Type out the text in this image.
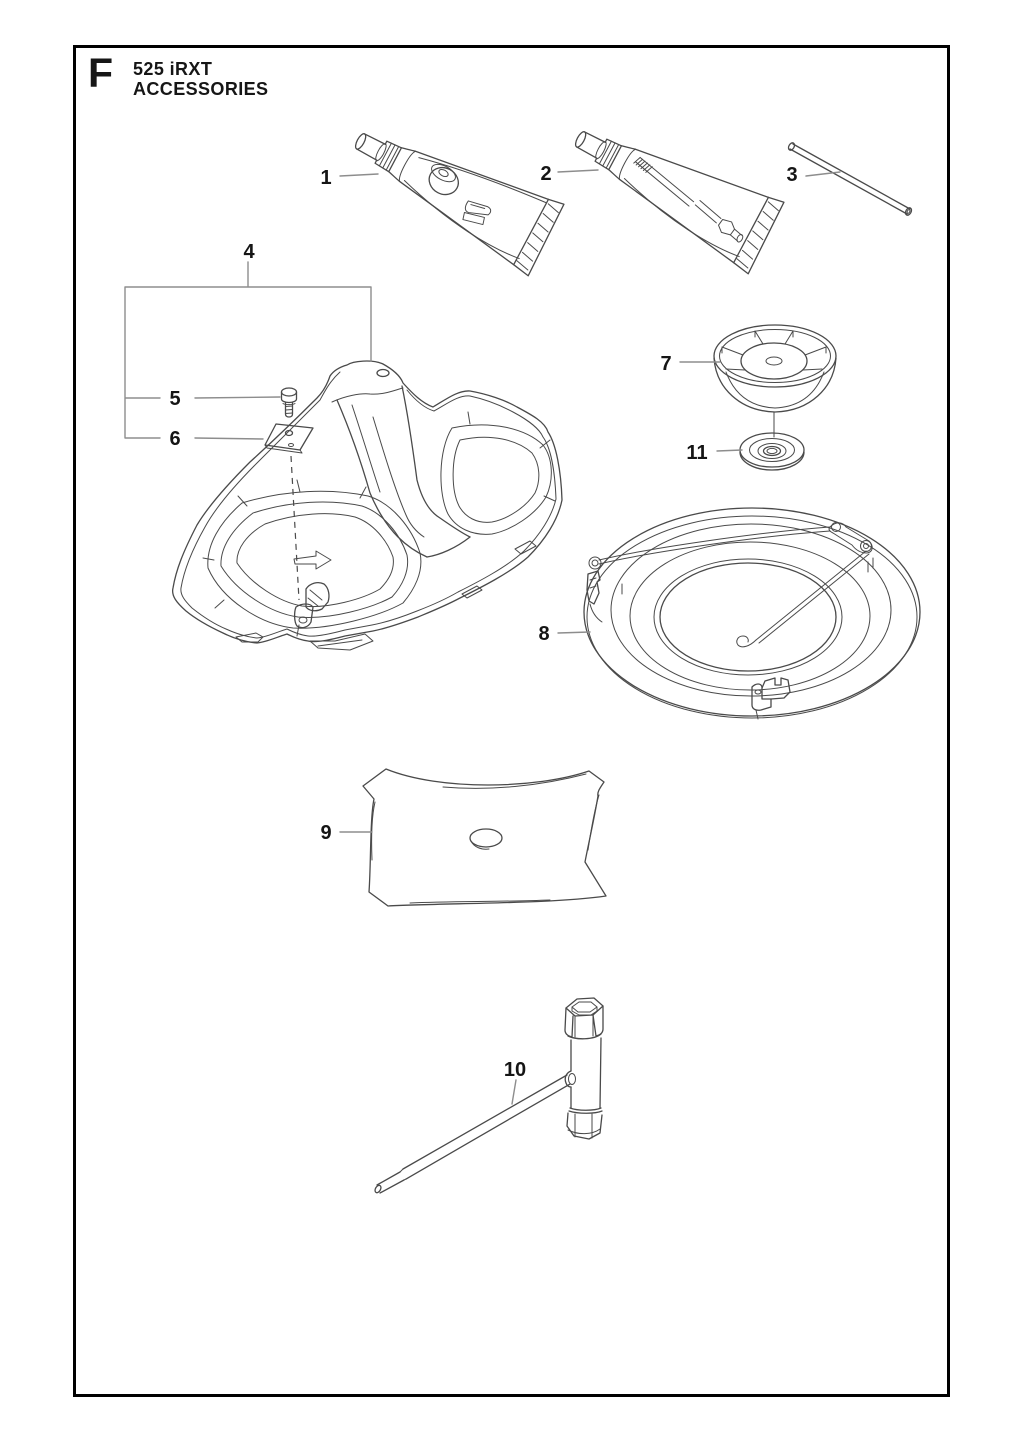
F 525 iRXT
ACCESSORIES
1	2	3
4
5
6
7
8
9
10
11
